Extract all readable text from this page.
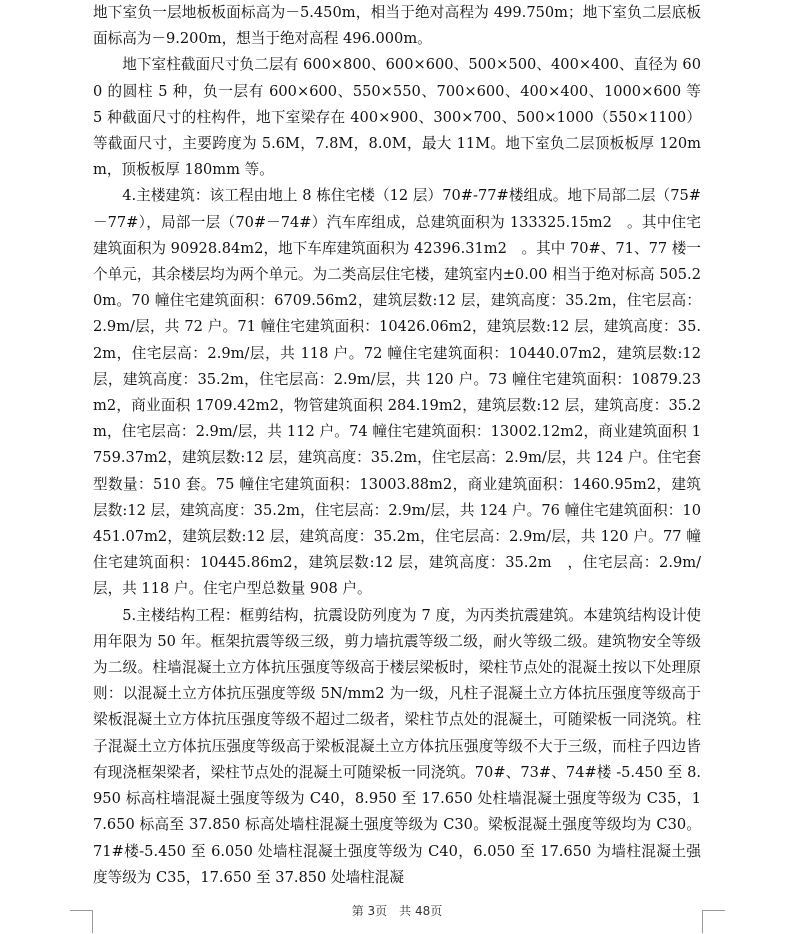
地下室负一层地板板面标高为－5.450m，相当于绝对高程为 499.750m；地下室负二层底板面标高为－9.200m，想当于绝对高程 496.000m。

地下室柱截面尺寸负二层有 600×800、600×600、500×500、400×400、直径为 600 的圆柱 5 种，负一层有 600×600、550×550、700×600、400×400、1000×600 等 5 种截面尺寸的柱构件，地下室梁存在 400×900、300×700、500×1000（550×1100）等截面尺寸，主要跨度为 5.6M，7.8M，8.0M，最大 11M。地下室负二层顶板板厚 120mm，顶板板厚 180mm 等。

4.主楼建筑：该工程由地上 8 栋住宅楼（12 层）70#-77#楼组成。地下局部二层（75#－77#），局部一层（70#－74#）汽车库组成，总建筑面积为 133325.15m2　。其中住宅建筑面积为 90928.84m2，地下车库建筑面积为 42396.31m2　。其中 70#、71、77 楼一个单元，其余楼层均为两个单元。为二类高层住宅楼，建筑室内±0.00 相当于绝对标高 505.20m。70 幢住宅建筑面积：6709.56m2，建筑层数:12 层，建筑高度：35.2m，住宅层高：2.9m/层，共 72 户。71 幢住宅建筑面积：10426.06m2，建筑层数:12 层，建筑高度：35.2m，住宅层高：2.9m/层，共 118 户。72 幢住宅建筑面积：10440.07m2，建筑层数:12 层，建筑高度：35.2m，住宅层高：2.9m/层，共 120 户。73 幢住宅建筑面积：10879.23m2，商业面积 1709.42m2，物管建筑面积 284.19m2，建筑层数:12 层，建筑高度：35.2m，住宅层高：2.9m/层，共 112 户。74 幢住宅建筑面积：13002.12m2，商业建筑面积 1759.37m2，建筑层数:12 层，建筑高度：35.2m，住宅层高：2.9m/层，共 124 户。住宅套型数量：510 套。75 幢住宅建筑面积：13003.88m2，商业建筑面积：1460.95m2，建筑层数:12 层，建筑高度：35.2m，住宅层高：2.9m/层，共 124 户。76 幢住宅建筑面积：10451.07m2，建筑层数:12 层，建筑高度：35.2m，住宅层高：2.9m/层，共 120 户。77 幢住宅建筑面积：10445.86m2，建筑层数:12 层，建筑高度：35.2m　，住宅层高：2.9m/层，共 118 户。住宅户型总数量 908 户。

5.主楼结构工程：框剪结构，抗震设防列度为 7 度，为丙类抗震建筑。本建筑结构设计使用年限为 50 年。框架抗震等级三级，剪力墙抗震等级二级，耐火等级二级。建筑物安全等级为二级。柱墙混凝土立方体抗压强度等级高于楼层梁板时，梁柱节点处的混凝土按以下处理原则：以混凝土立方体抗压强度等级 5N/mm2 为一级，凡柱子混凝土立方体抗压强度等级高于梁板混凝土立方体抗压强度等级不超过二级者，梁柱节点处的混凝土，可随梁板一同浇筑。柱子混凝土立方体抗压强度等级高于梁板混凝土立方体抗压强度等级不大于三级，而柱子四边皆有现浇框架梁者，梁柱节点处的混凝土可随梁板一同浇筑。70#、73#、74#楼 -5.450 至 8.950 标高柱墙混凝土强度等级为 C40，8.950 至 17.650 处柱墙混凝土强度等级为 C35，17.650 标高至 37.850 标高处墙柱混凝土强度等级为 C30。梁板混凝土强度等级均为 C30。71#楼-5.450 至 6.050 处墙柱混凝土强度等级为 C40，6.050 至 17.650 为墙柱混凝土强度等级为 C35，17.650 至 37.850 处墙柱混凝

第 3页　共 48页
